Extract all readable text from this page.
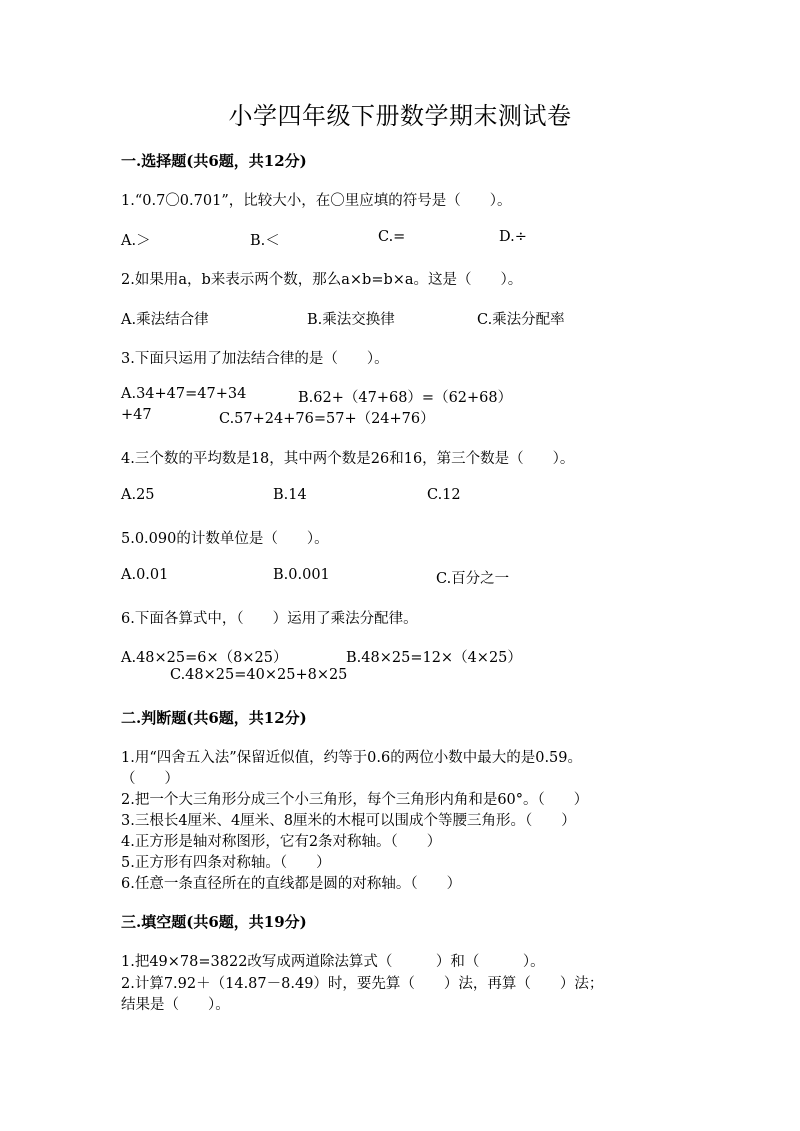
小学四年级下册数学期末测试卷
一.选择题(共6题，共12分)
1.“0.7〇0.701”，比较大小，在〇里应填的符号是（　　）。
A.＞	B.＜	C.=	D.÷
2.如果用a，b来表示两个数，那么a×b=b×a。这是（　　）。
A.乘法结合律	B.乘法交换律	C.乘法分配率
3.下面只运用了加法结合律的是（　　）。
A.34+47=47+34	B.62+（47+68）=（62+68）
+47	C.57+24+76=57+（24+76）
4.三个数的平均数是18，其中两个数是26和16，第三个数是（　　）。
A.25	B.14	C.12
5.0.090的计数单位是（　　）。
A.0.01	B.0.001	C.百分之一
6.下面各算式中，（　　）运用了乘法分配律。
A.48×25=6×（8×25）	B.48×25=12×（4×25）
C.48×25=40×25+8×25
二.判断题(共6题，共12分)
1.用“四舍五入法”保留近似值，约等于0.6的两位小数中最大的是0.59。
（　　）
2.把一个大三角形分成三个小三角形，每个三角形内角和是60°。（　　）
3.三根长4厘米、4厘米、8厘米的木棍可以围成个等腰三角形。（　　）
4.正方形是轴对称图形，它有2条对称轴。（　　）
5.正方形有四条对称轴。（　　）
6.任意一条直径所在的直线都是圆的对称轴。（　　）
三.填空题(共6题，共19分)
1.把49×78=3822改写成两道除法算式（　　　）和（　　　）。
2.计算7.92＋（14.87－8.49）时，要先算（　　）法，再算（　　）法；
结果是（　　）。
